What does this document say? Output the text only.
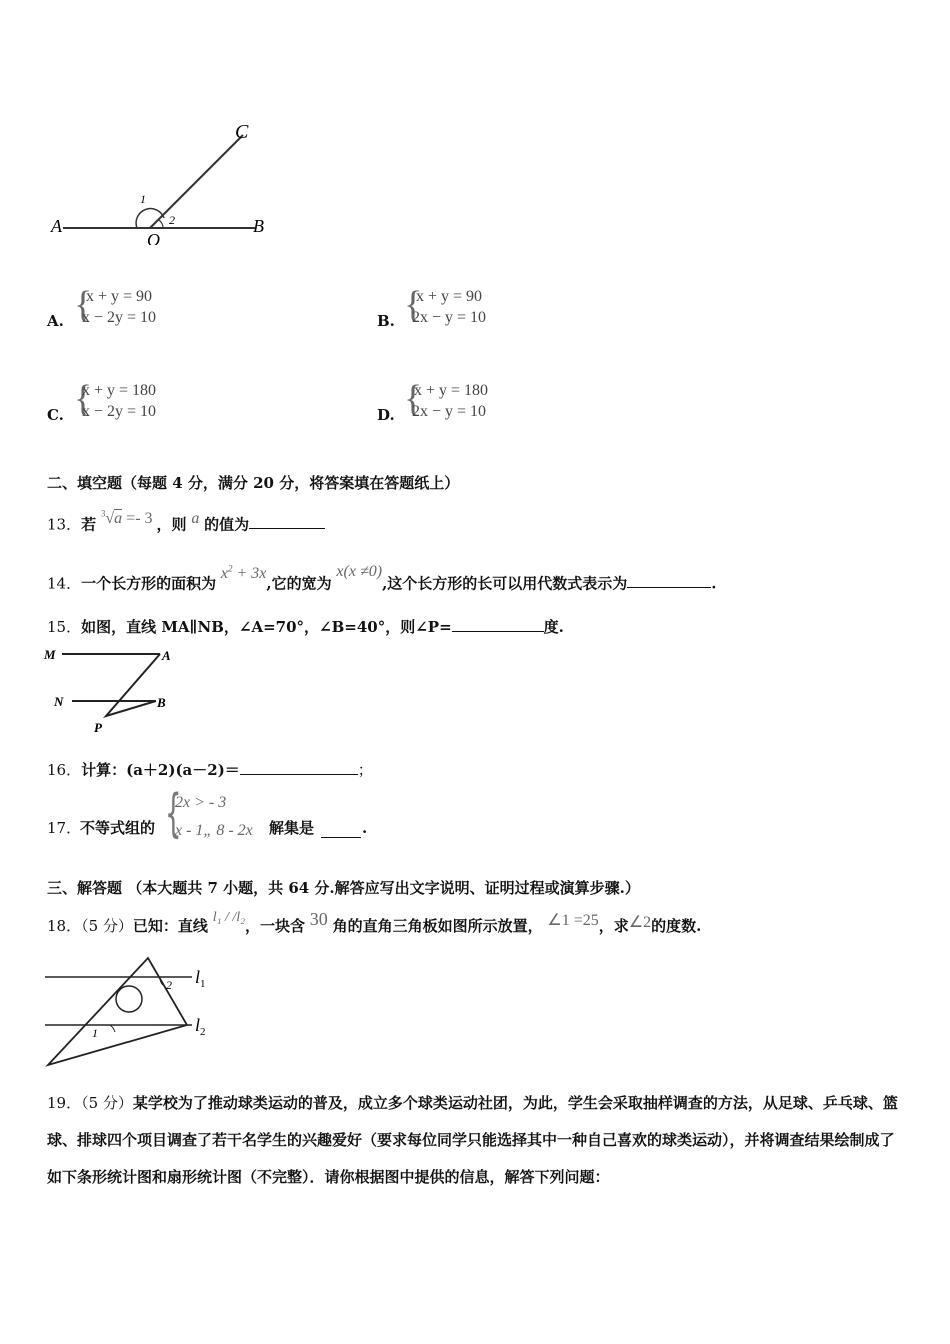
A	B
C
O
1
2
A. {
x + y = 90
x − 2y = 10	B. {
x + y = 90
2x − y = 10
C. {
x + y = 180
x − 2y = 10	D. {
x + y = 180
2x − y = 10
二、填空题（每题 4 分，满分 20 分，将答案填在答题纸上）
13．若 $^3$√a =- 3 ，则 a 的值为
14．一个长方形的面积为 $x^2 + 3x$,它的宽为 x(x ≠0),这个长方形的长可以用代数式表示为	.
15．如图，直线 MA∥NB，∠A=70°，∠B=40°，则∠P=	度.
M	A
N	B
P
16．计算：(a＋2)(a－2)＝	；
17．
不等式组的 {
2x > - 3
x - 1„ 8 - 2x 解集是	.
三、解答题 （本大题共 7 小题，共 64 分.解答应写出文字说明、证明过程或演算步骤.）
18．（5 分）已知：直线 l₁ / /l₂，一块含 30 角的直角三角板如图所示放置， ∠1 =25，求∠2的度数.
1
2 $l_1$
$l_2$
19．（5 分）某学校为了推动球类运动的普及，成立多个球类运动社团，为此，学生会采取抽样调查的方法，从足球、乒乓球、篮球、排球四个项目调查了若干名学生的兴趣爱好（要求每位同学只能选择其中一种自己喜欢的球类运动），并将调查结果绘制成了如下条形统计图和扇形统计图（不完整）．请你根据图中提供的信息，解答下列问题：
